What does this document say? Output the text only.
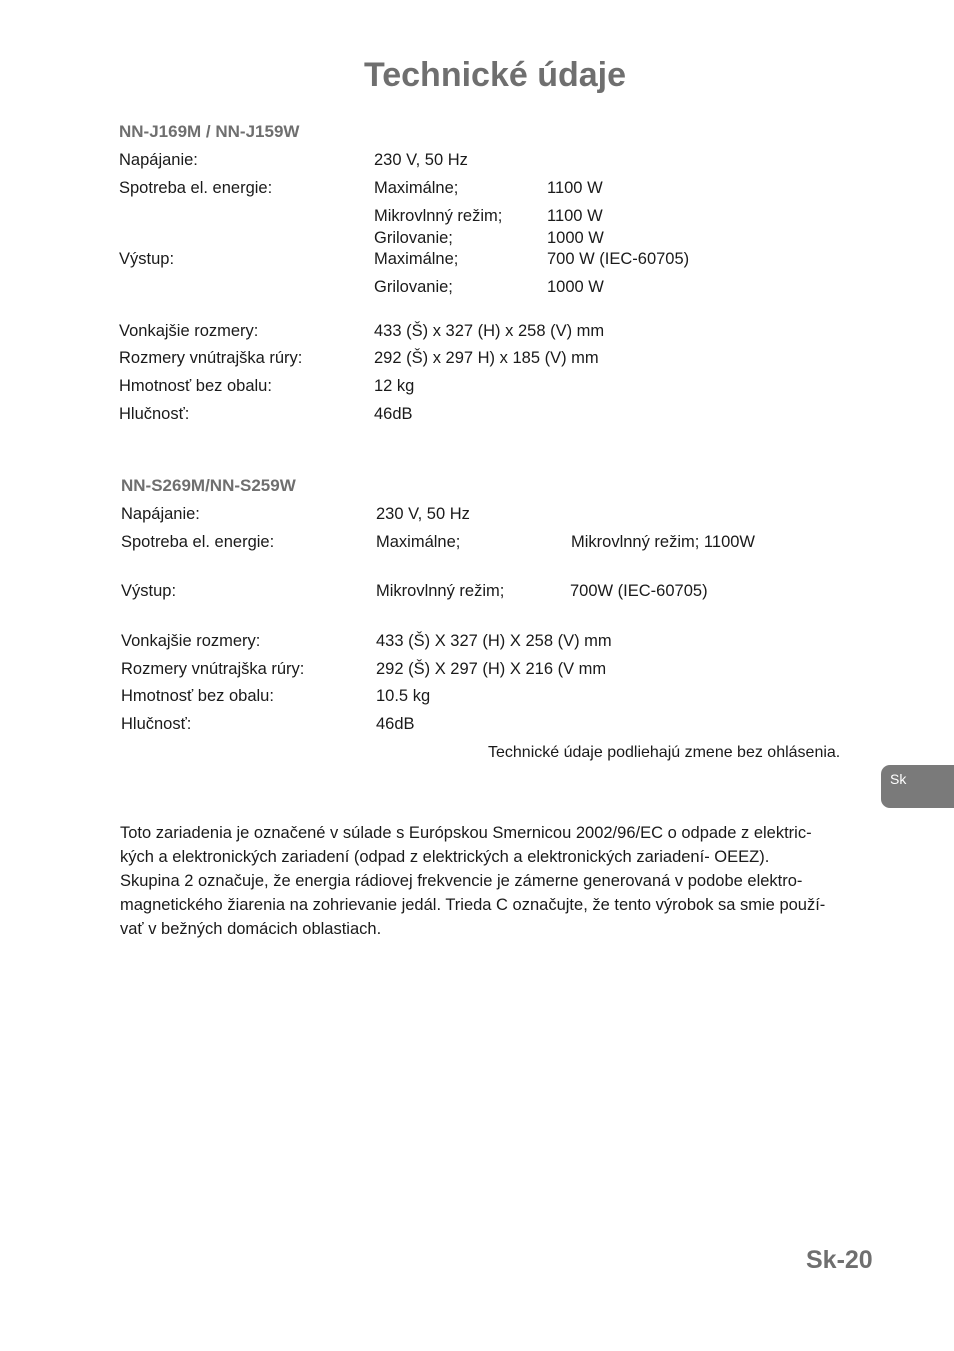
Technické údaje
NN-J169M / NN-J159W
Napájanie:	230 V, 50 Hz
Spotreba el. energie:	Maximálne;	1100 W
Mikrovlnný režim;	1100 W
Grilovanie;	1000 W
Výstup:	Maximálne;	700 W (IEC-60705)
Grilovanie;	1000 W
Vonkajšie rozmery:	433 (Š) x 327 (H) x 258 (V) mm
Rozmery vnútrajška rúry:	292 (Š) x 297 H) x 185 (V) mm
Hmotnosť bez obalu:	12 kg
Hlučnosť:	46dB
NN-S269M/NN-S259W
Napájanie:	230 V, 50 Hz
Spotreba el. energie:	Maximálne;	Mikrovlnný režim; 1100W
Výstup:	Mikrovlnný režim;	700W (IEC-60705)
Vonkajšie rozmery:	433 (Š) X 327 (H) X 258 (V) mm
Rozmery vnútrajška rúry:	292 (Š) X 297 (H) X 216 (V mm
Hmotnosť bez obalu:	10.5 kg
Hlučnosť:	46dB
Technické údaje podliehajú zmene bez ohlásenia.
Sk
Toto zariadenia je označené v súlade s Európskou Smernicou 2002/96/EC o odpade z elektric-
kých a elektronických zariadení (odpad z elektrických a elektronických zariadení- OEEZ).
Skupina 2 označuje, že energia rádiovej frekvencie je zámerne generovaná v podobe elektro-
magnetického žiarenia na zohrievanie jedál. Trieda C označujte, že tento výrobok sa smie použí-
vať v bežných domácich oblastiach.
Sk-20
